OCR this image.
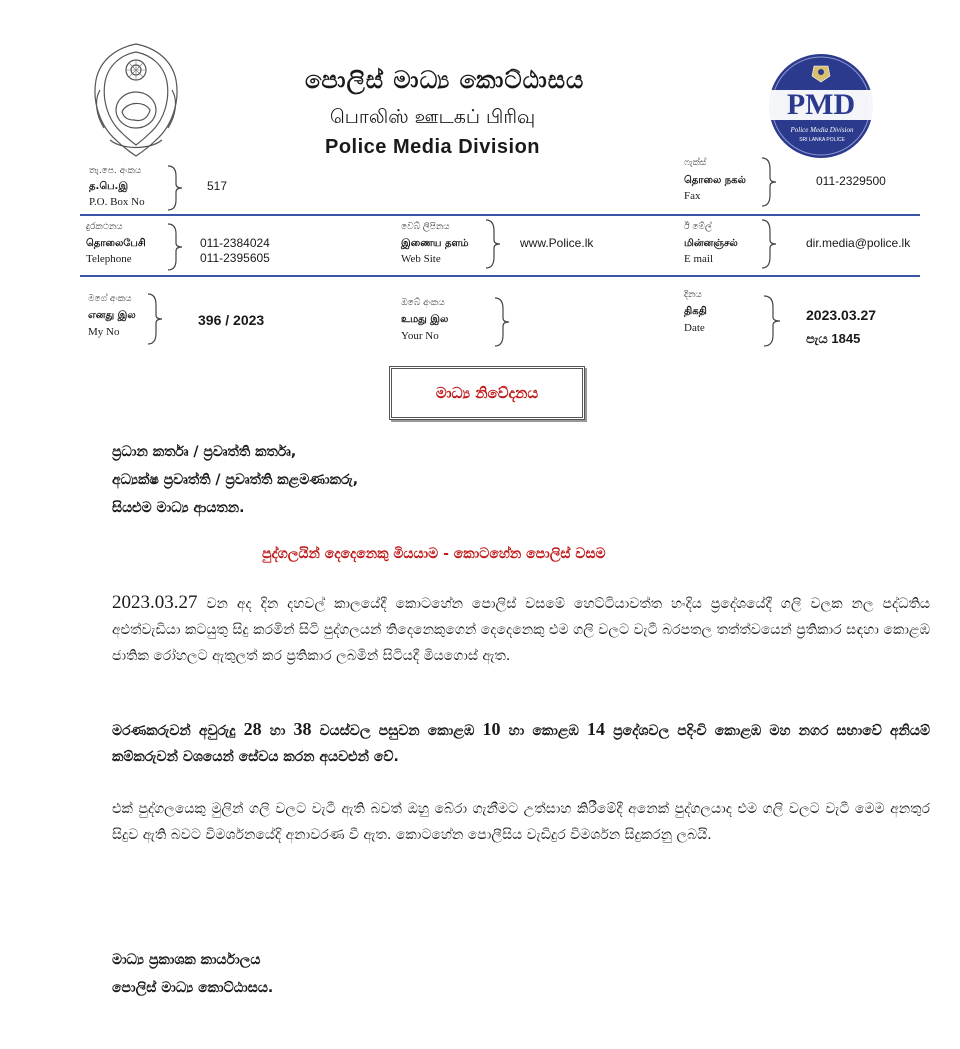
පොලිස් මාධ්‍ය කොට්ඨාසය
பொலிஸ் ஊடகப் பிரிவு
Police Media Division
PMD
Police Media Division
SRI LANKA POLICE
තැ.පෙ. අංකය
த.பெ.இ
P.O. Box No
517
ෆැක්ස්
தொலை நகல்
Fax
011-2329500
දුරකථනය
தொலைபேசி
Telephone
011-2384024
011-2395605
වෙබ් ලිපිනය
இணைய தளம்
Web Site
www.Police.lk
ඊ මේල්
மின்னஞ்சல்
E mail
dir.media@police.lk
මගේ අංකය
எனது இல
My No
396 / 2023
ඔබේ අංකය
உமது இல
Your No
දිනය
திகதி
Date
2023.03.27
පැය 1845
මාධ්‍ය නිවේදනය
ප්‍රධාන කර්තෘ / ප්‍රවෘත්ති කර්තෘ,
අධ්‍යක්ෂ ප්‍රවෘත්ති / ප්‍රවෘත්ති කළමණාකරු,
සියළුම මාධ්‍ය ආයතන.
පුද්ගලයින් දෙදෙනෙකු මියයාම - කොටහේන පොලිස් වසම
2023.03.27 වන අද දින දහවල් කාලයේදී කොටහේන පොලිස් වසමේ හෙට්ටියාවත්ත හංදිය ප්‍රදේශයේදී ගලි වලක නල පද්ධතිය අළුත්වැඩියා කටයුතු සිදු කරමින් සිටි පුද්ගලයන් තිදෙනෙකුගෙන් දෙදෙනෙකු එම ගලි වලට වැටී බරපතල තත්ත්වයෙන් ප්‍රතිකාර සඳහා කොළඹ ජාතික රෝහලට ඇතුලත් කර ප්‍රතිකාර ලබමින් සිටියදී මියගොස් ඇත.
මරණකරුවන් අවුරුදු 28 හා 38 වයස්වල පසුවන කොළඹ 10 හා කොළඹ 14 ප්‍රදේශවල පදිංචි කොළඹ මහ නගර සභාවේ අනියම් කම්කරුවන් වශයෙන් සේවය කරන අයවළුන් වේ.
එක් පුද්ගලයෙකු මුලින් ගලි වලට වැටී ඇති බවත් ඔහු බේරා ගැනීමට උත්සාහ කිරීමේදී අනෙක් පුද්ගලයාද එම ගලි වලට වැටී මෙම අනතුර සිදුව ඇති බවට විමර්ශනයේදි අනාවරණ වී ඇත. කොටහේන පොලීසිය වැඩිදුර විමර්ශන සිදුකරනු ලබයි.
මාධ්‍ය ප්‍රකාශක කාර්යාලය
පොලිස් මාධ්‍ය කොට්ඨාසය.
